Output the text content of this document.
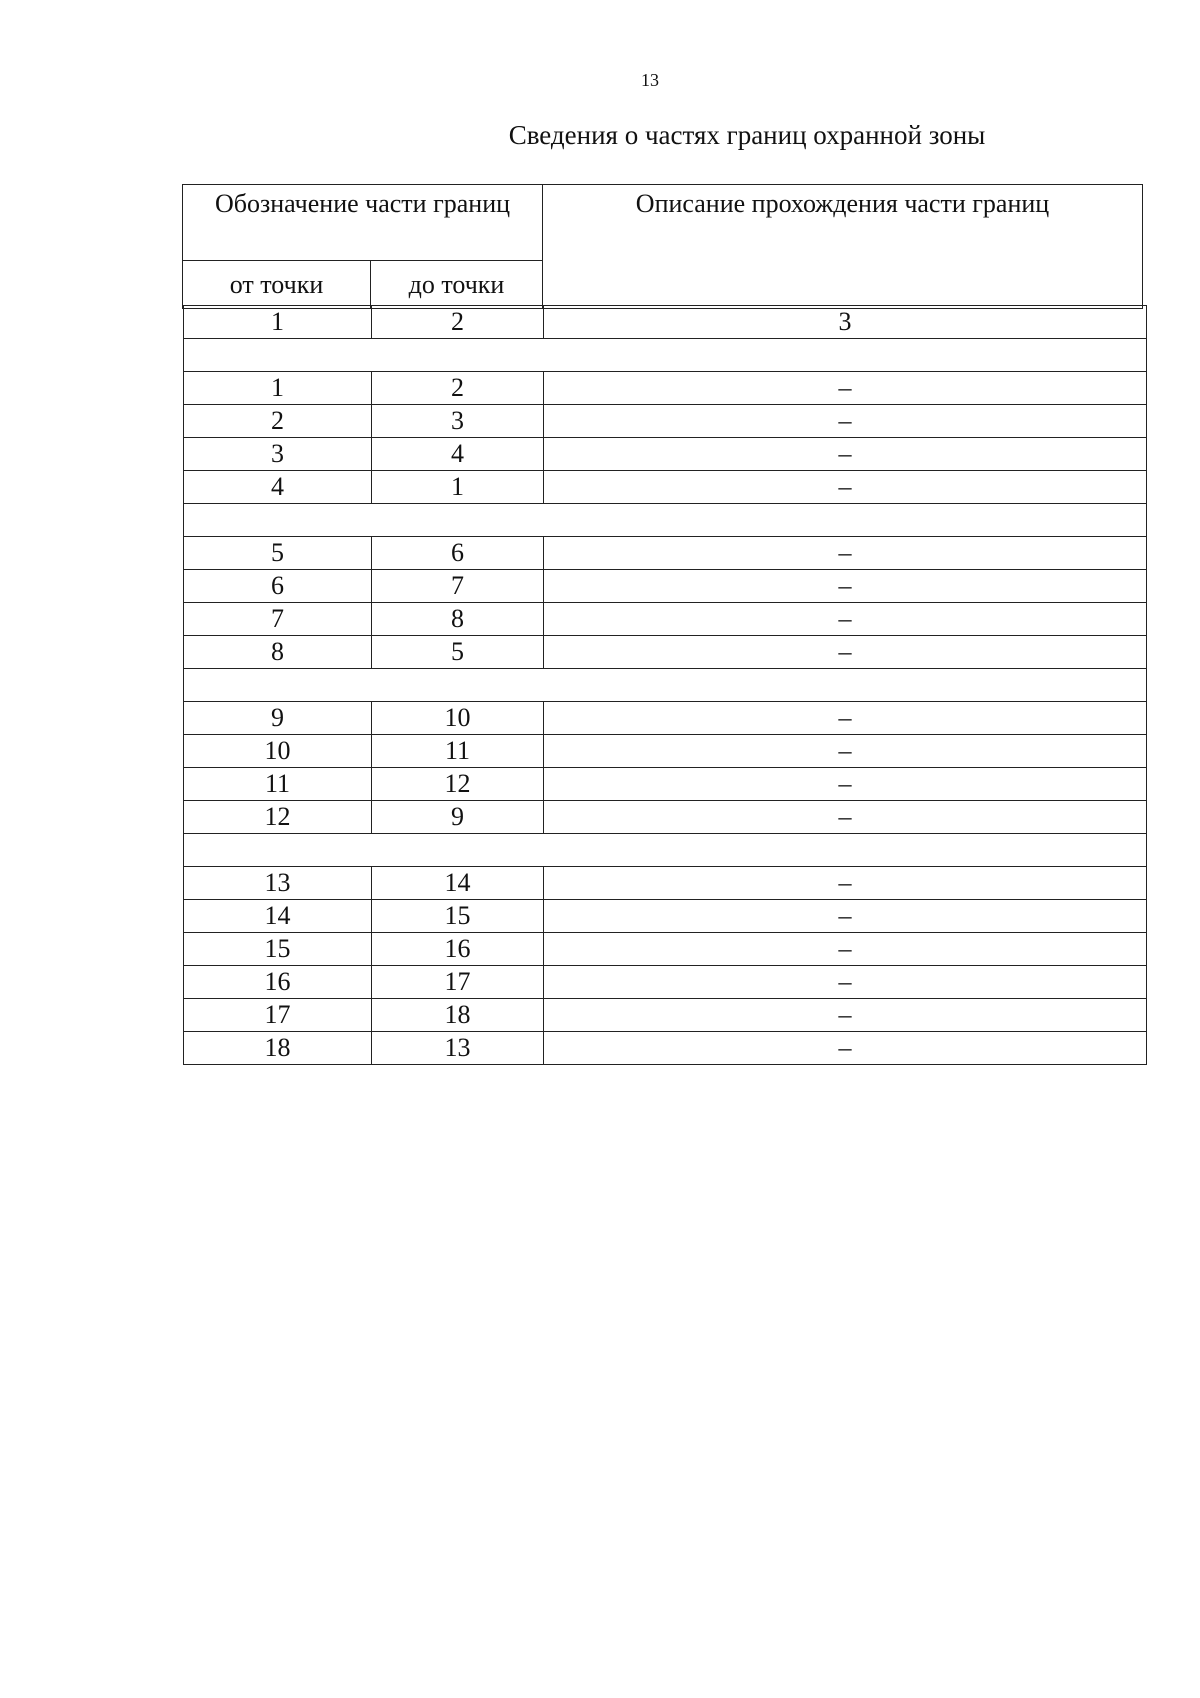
13
Сведения о частях границ охранной зоны
Обозначение части границ		Описание прохождения части границ
от точки	до точки	
1	2	3

1	2	–
2	3	–
3	4	–
4	1	–

5	6	–
6	7	–
7	8	–
8	5	–

9	10	–
10	11	–
11	12	–
12	9	–

13	14	–
14	15	–
15	16	–
16	17	–
17	18	–
18	13	–
